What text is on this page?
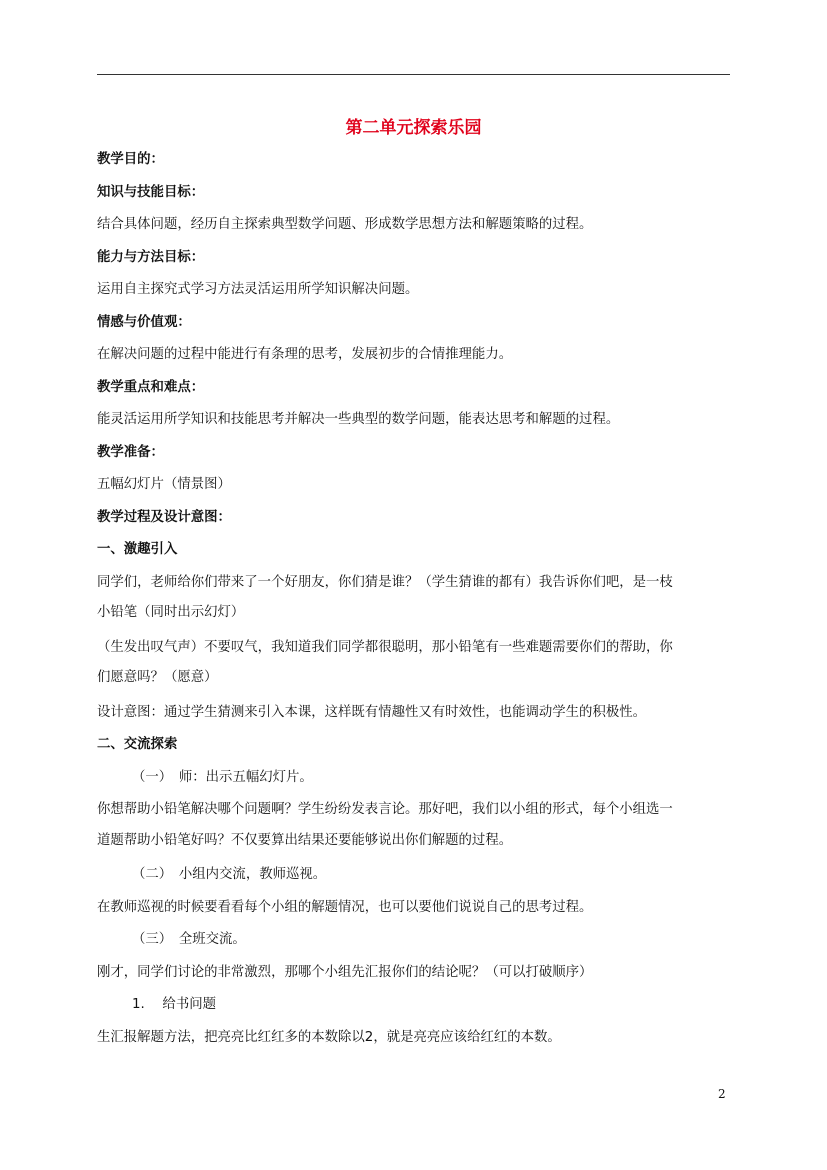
第二单元探索乐园
教学目的：
知识与技能目标：
结合具体问题，经历自主探索典型数学问题、形成数学思想方法和解题策略的过程。
能力与方法目标：
运用自主探究式学习方法灵活运用所学知识解决问题。
情感与价值观：
在解决问题的过程中能进行有条理的思考，发展初步的合情推理能力。
教学重点和难点：
能灵活运用所学知识和技能思考并解决一些典型的数学问题，能表达思考和解题的过程。
教学准备：
五幅幻灯片（情景图）
教学过程及设计意图：
一、激趣引入
同学们，老师给你们带来了一个好朋友，你们猜是谁？（学生猜谁的都有）我告诉你们吧，是一枝
小铅笔（同时出示幻灯）
（生发出叹气声）不要叹气，我知道我们同学都很聪明，那小铅笔有一些难题需要你们的帮助，你
们愿意吗？（愿意）
设计意图：通过学生猜测来引入本课，这样既有情趣性又有时效性，也能调动学生的积极性。
二、交流探索
（一）　师：出示五幅幻灯片。
你想帮助小铅笔解决哪个问题啊？学生纷纷发表言论。那好吧，我们以小组的形式，每个小组选一
道题帮助小铅笔好吗？不仅要算出结果还要能够说出你们解题的过程。
（二）　小组内交流，教师巡视。
在教师巡视的时候要看看每个小组的解题情况，也可以要他们说说自己的思考过程。
（三）　全班交流。
刚才，同学们讨论的非常激烈，那哪个小组先汇报你们的结论呢？（可以打破顺序）
1.　 给书问题
生汇报解题方法，把亮亮比红红多的本数除以2，就是亮亮应该给红红的本数。
2
